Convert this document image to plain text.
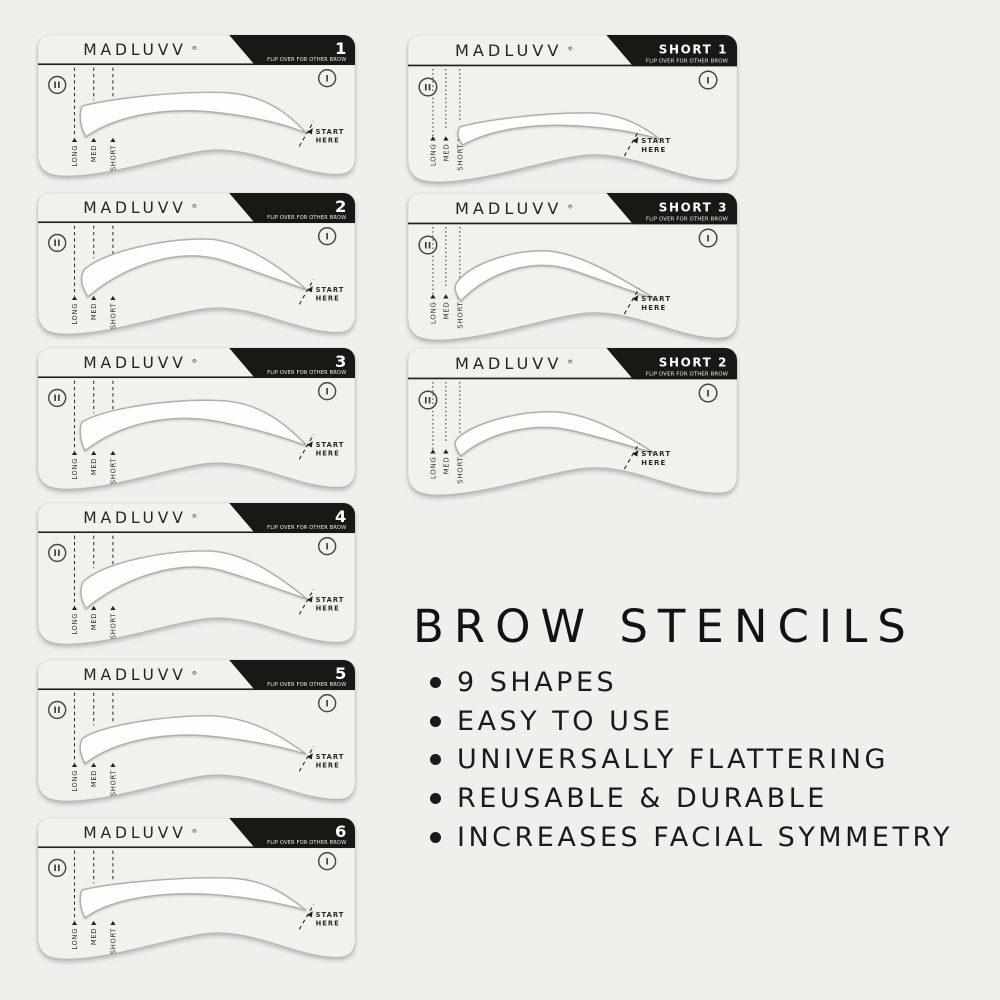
MADLUVV ®	1
FLIP OVER FOR OTHER BROW
II
I
LONG MED SHORT
START
HERE
MADLUVV ®	2
FLIP OVER FOR OTHER BROW
II
I
LONG MED SHORT
START
HERE
MADLUVV ®	3
FLIP OVER FOR OTHER BROW
II
I
LONG MED SHORT
START
HERE
MADLUVV ®	4
FLIP OVER FOR OTHER BROW
II
I
LONG MED SHORT
START
HERE
MADLUVV ®	5
FLIP OVER FOR OTHER BROW
II
I
LONG MED SHORT
START
HERE
MADLUVV ®	6
FLIP OVER FOR OTHER BROW
II
I
LONG MED SHORT
START
HERE
MADLUVV ®	SHORT 1
FLIP OVER FOR OTHER BROW
II
I
LONG MED SHORT
START
HERE
MADLUVV ®	SHORT 3
FLIP OVER FOR OTHER BROW
II
I
LONG MED SHORT
START
HERE
MADLUVV ®	SHORT 2
FLIP OVER FOR OTHER BROW
II
I
LONG MED SHORT
START
HERE
BROW STENCILS
9 SHAPES
EASY TO USE
UNIVERSALLY FLATTERING
REUSABLE & DURABLE
INCREASES FACIAL SYMMETRY
